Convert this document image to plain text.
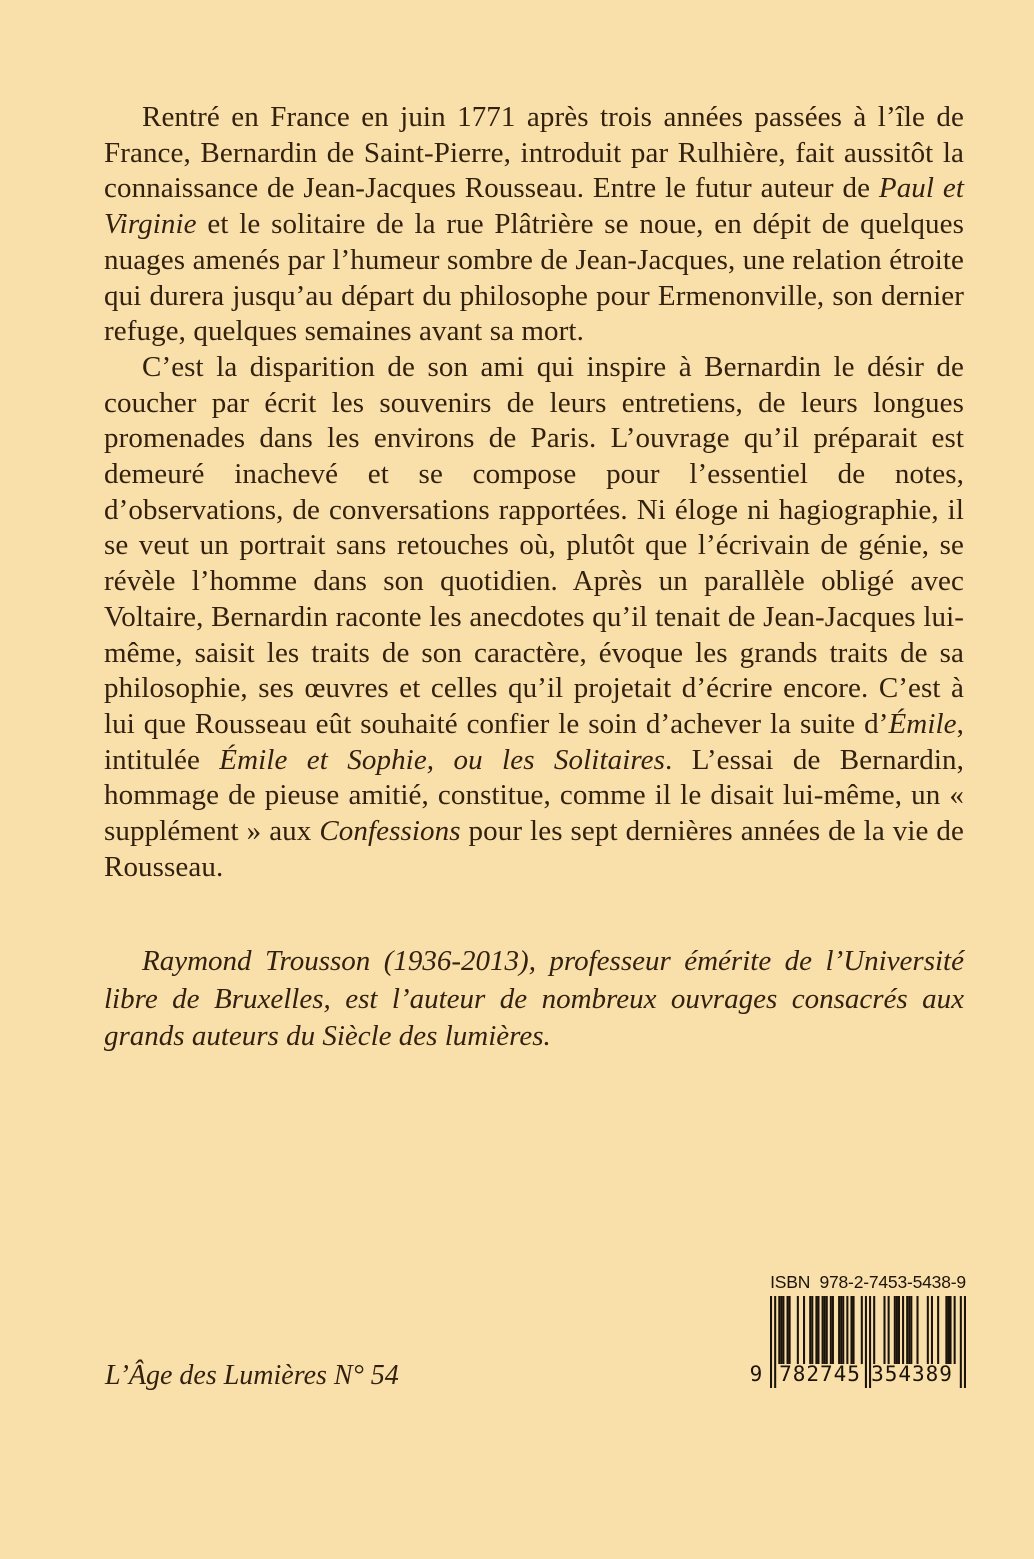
Rentré en France en juin 1771 après trois années passées à l’île de France, Bernardin de Saint-Pierre, introduit par Rulhière, fait aussitôt la connaissance de Jean-Jacques Rousseau. Entre le futur auteur de Paul et Virginie et le solitaire de la rue Plâtrière se noue, en dépit de quelques nuages amenés par l’humeur sombre de Jean-Jacques, une relation étroite qui durera jusqu’au départ du philosophe pour Ermenonville, son dernier refuge, quelques semaines avant sa mort.

C’est la disparition de son ami qui inspire à Bernardin le désir de coucher par écrit les souvenirs de leurs entretiens, de leurs longues promenades dans les environs de Paris. L’ouvrage qu’il préparait est demeuré inachevé et se compose pour l’essentiel de notes, d’observations, de conversations rapportées. Ni éloge ni hagiographie, il se veut un portrait sans retouches où, plutôt que l’écrivain de génie, se révèle l’homme dans son quotidien. Après un parallèle obligé avec Voltaire, Bernardin raconte les anecdotes qu’il tenait de Jean-Jacques lui-même, saisit les traits de son caractère, évoque les grands traits de sa philosophie, ses œuvres et celles qu’il projetait d’écrire encore. C’est à lui que Rousseau eût souhaité confier le soin d’achever la suite d’Émile, intitulée Émile et Sophie, ou les Solitaires. L’essai de Bernardin, hommage de pieuse amitié, constitue, comme il le disait lui-même, un « supplément » aux Confessions pour les sept dernières années de la vie de Rousseau.

Raymond Trousson (1936-2013), professeur émérite de l’Université libre de Bruxelles, est l’auteur de nombreux ouvrages consacrés aux grands auteurs du Siècle des lumières.

L’Âge des Lumières N° 54
ISBN  978-2-7453-5438-9
9 782745 354389
